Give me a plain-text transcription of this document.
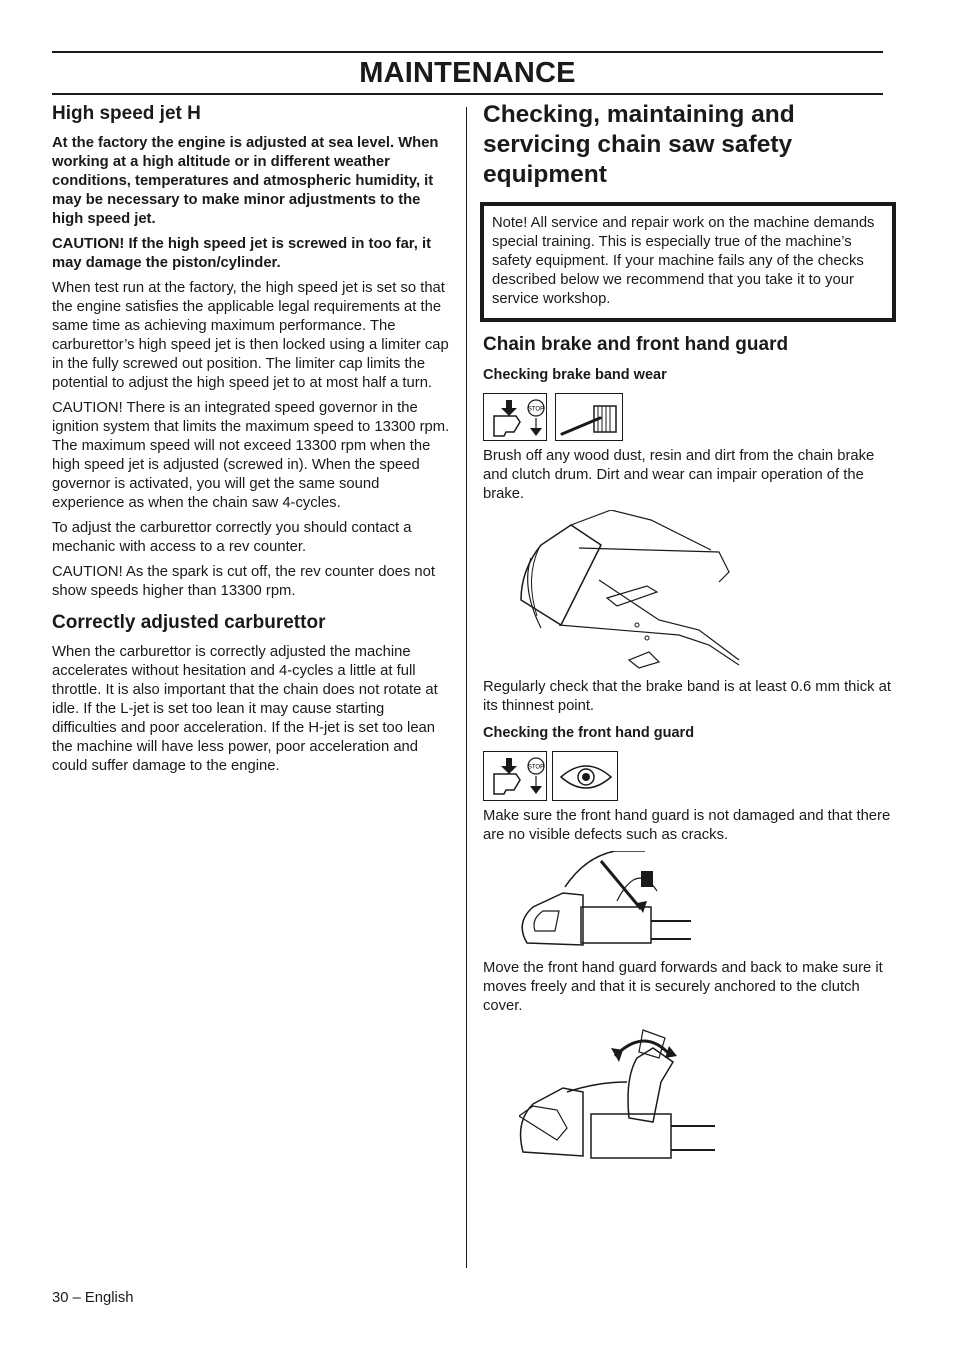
MAINTENANCE
High speed jet H

At the factory the engine is adjusted at sea level. When working at a high altitude or in different weather conditions, temperatures and atmospheric humidity, it may be necessary to make minor adjustments to the high speed jet.

CAUTION! If the high speed jet is screwed in too far, it may damage the piston/cylinder.

When test run at the factory, the high speed jet is set so that the engine satisfies the applicable legal requirements at the same time as achieving maximum performance. The carburettor’s high speed jet is then locked using a limiter cap in the fully screwed out position. The limiter cap limits the potential to adjust the high speed jet to at most half a turn.

CAUTION! There is an integrated speed governor in the ignition system that limits the maximum speed to 13300 rpm. The maximum speed will not exceed 13300 rpm when the high speed jet is adjusted (screwed in). When the speed governor is activated, you will get the same sound experience as when the chain saw 4-cycles.

To adjust the carburettor correctly you should contact a mechanic with access to a rev counter.

CAUTION! As the spark is cut off, the rev counter does not show speeds higher than 13300 rpm.

Correctly adjusted carburettor

When the carburettor is correctly adjusted the machine accelerates without hesitation and 4-cycles a little at full throttle. It is also important that the chain does not rotate at idle. If the L-jet is set too lean it may cause starting difficulties and poor acceleration. If the H-jet is set too lean the machine will have less power, poor acceleration and could suffer damage to the engine.

Checking, maintaining and servicing chain saw safety equipment

Note! All service and repair work on the machine demands special training. This is especially true of the machine’s safety equipment. If your machine fails any of the checks described below we recommend that you take it to your service workshop.

Chain brake and front hand guard
Checking brake band wear
STOP

Brush off any wood dust, resin and dirt from the chain brake and clutch drum. Dirt and wear can impair operation of the brake.

Regularly check that the brake band is at least 0.6 mm thick at its thinnest point.

Checking the front hand guard
STOP

Make sure the front hand guard is not damaged and that there are no visible defects such as cracks.

Move the front hand guard forwards and back to make sure it moves freely and that it is securely anchored to the clutch cover.

30 – English
